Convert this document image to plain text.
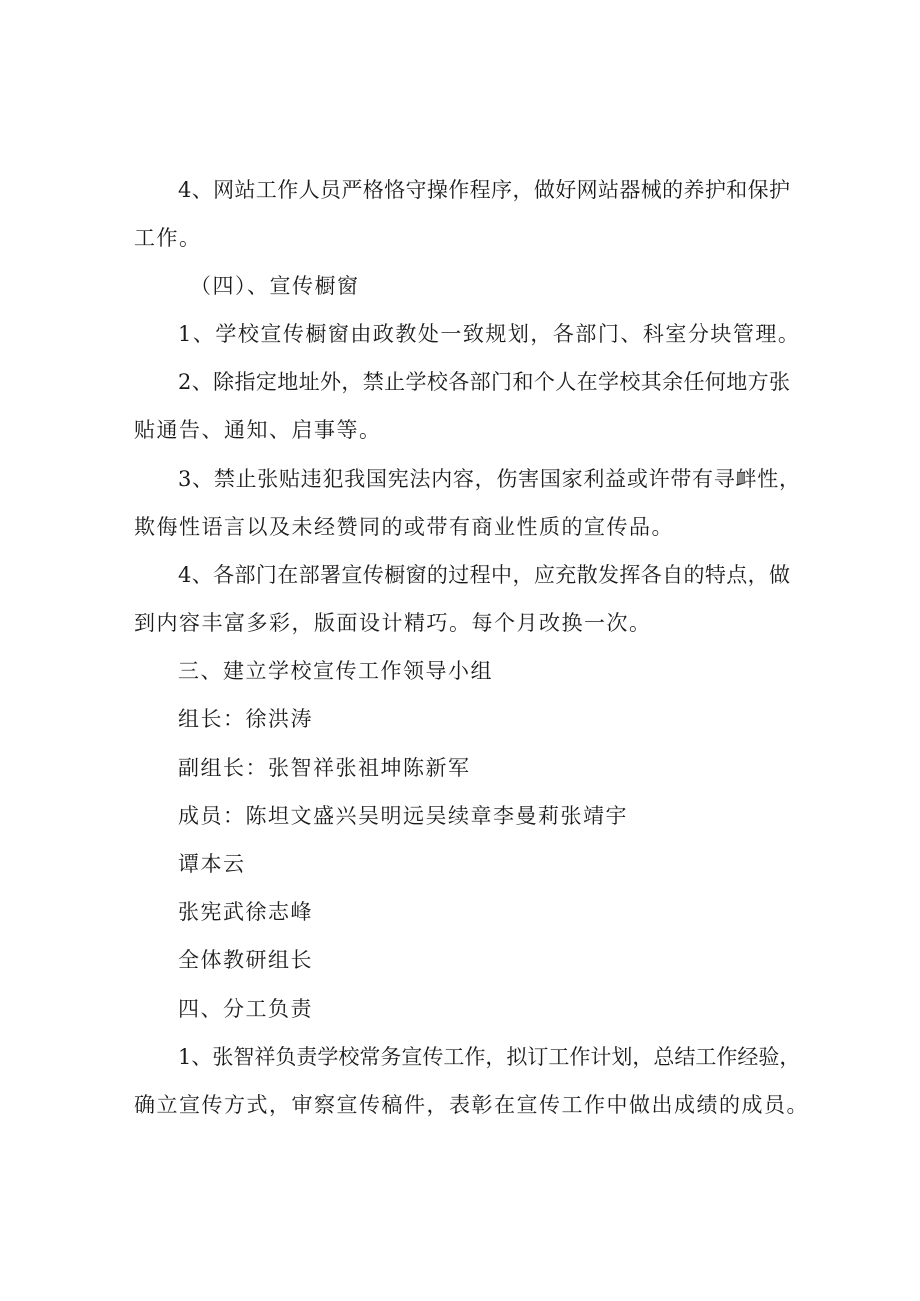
4、网站工作人员严格恪守操作程序，做好网站器械的养护和保护
工作。
（四）、宣传橱窗
1、学校宣传橱窗由政教处一致规划，各部门、科室分块管理。
2、除指定地址外，禁止学校各部门和个人在学校其余任何地方张
贴通告、通知、启事等。
3、禁止张贴违犯我国宪法内容，伤害国家利益或许带有寻衅性，
欺侮性语言以及未经赞同的或带有商业性质的宣传品。
4、各部门在部署宣传橱窗的过程中，应充散发挥各自的特点，做
到内容丰富多彩，版面设计精巧。每个月改换一次。
三、建立学校宣传工作领导小组
组长：徐洪涛
副组长：张智祥张祖坤陈新军
成员：陈坦文盛兴吴明远吴续章李曼莉张靖宇
谭本云
张宪武徐志峰
全体教研组长
四、分工负责
1、张智祥负责学校常务宣传工作，拟订工作计划，总结工作经验，
确立宣传方式，审察宣传稿件，表彰在宣传工作中做出成绩的成员。
